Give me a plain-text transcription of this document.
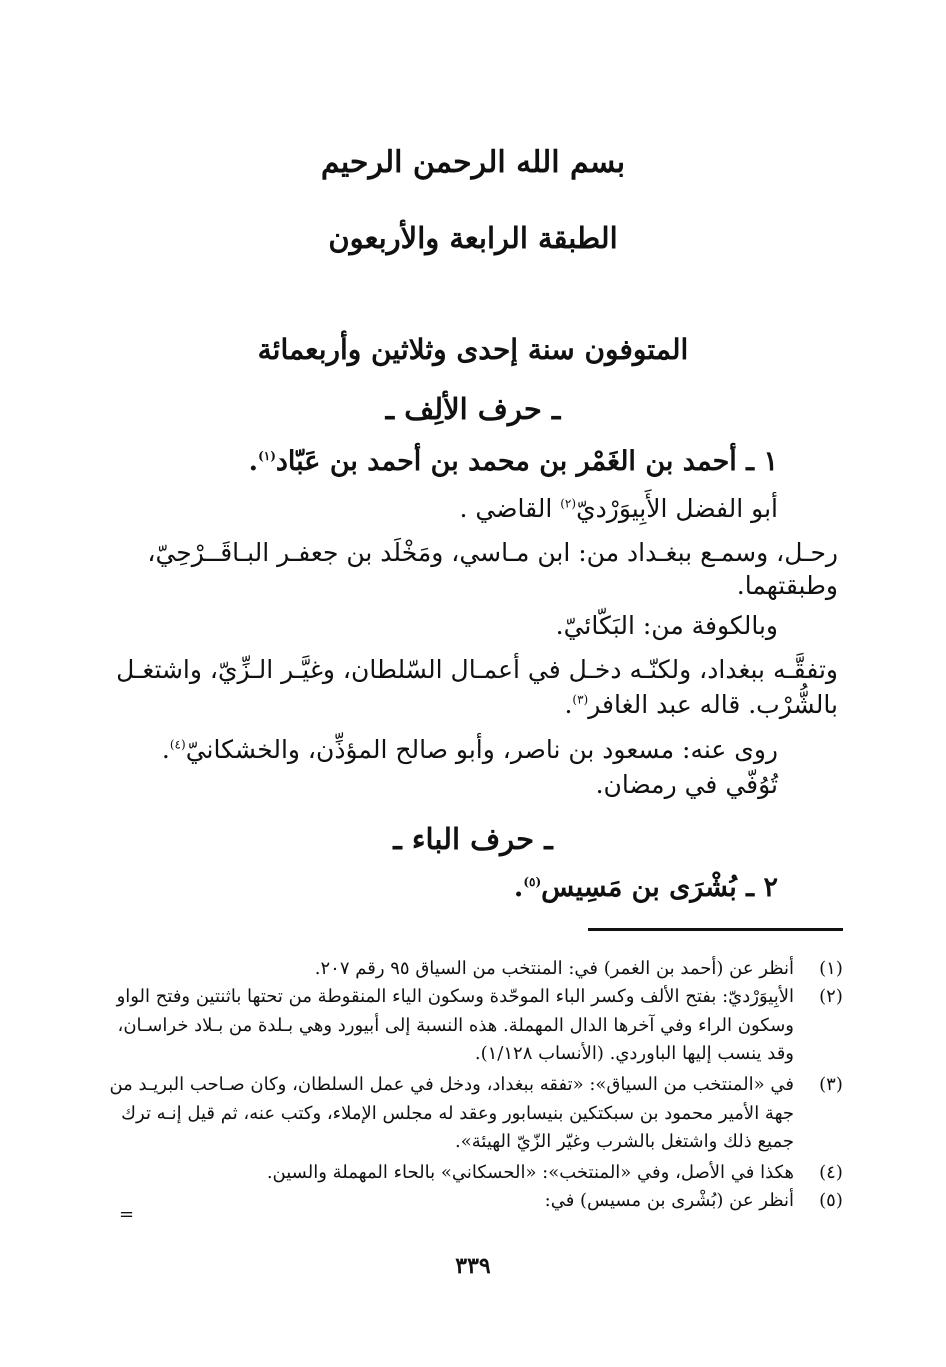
بسم الله الرحمن الرحيم
الطبقة الرابعة والأربعون
المتوفون سنة إحدى وثلاثين وأربعمائة
ـ حرف الألِف ـ
١ ـ أحمد بن الغَمْر بن محمد بن أحمد بن عَبّاد$^{(١)}$.
أبو الفضل الأَبِيوَرْديّ$^{(٢)}$ القاضي .
رحـل، وسمـع ببغـداد من: ابن مـاسي، ومَخْلَد بن جعفـر البـاقَــرْحِيّ،
وطبقتهما.
وبالكوفة من: البَكّائيّ.
وتفقَّـه ببغداد، ولكنّـه دخـل في أعمـال السّلطان، وغيَّـر الـزِّيّ، واشتغـل
بالشُّرْب. قاله عبد الغافر$^{(٣)}$.
روى عنه: مسعود بن ناصر، وأبو صالح المؤذِّن، والخشكانيّ$^{(٤)}$.
تُوُفّي في رمضان.
ـ حرف الباء ـ
٢ ـ بُشْرَى بن مَسِيس$^{(٥)}$.
(١)
أنظر عن (أحمد بن الغمر) في: المنتخب من السياق ٩٥ رقم ٢٠٧.
(٢)
الأبِيوَرْديّ: بفتح الألف وكسر الباء الموحّدة وسكون الياء المنقوطة من تحتها باثنتين وفتح الواو
وسكون الراء وفي آخرها الدال المهملة. هذه النسبة إلى أبيورد وهي بـلدة من بـلاد خراسـان،
وقد ينسب إليها الباوردي. (الأنساب ١/١٢٨).
(٣)
في «المنتخب من السياق»: «تفقه ببغداد، ودخل في عمل السلطان، وكان صـاحب البريـد من
جهة الأمير محمود بن سبكتكين بنيسابور وعقد له مجلس الإملاء، وكتب عنه، ثم قيل إنـه ترك
جميع ذلك واشتغل بالشرب وغيّر الزّيّ الهيئة».
(٤)
هكذا في الأصل، وفي «المنتخب»: «الحسكاني» بالحاء المهملة والسين.
(٥)
أنظر عن (بُشْرى بن مسيس) في:
=
٣٣٩
